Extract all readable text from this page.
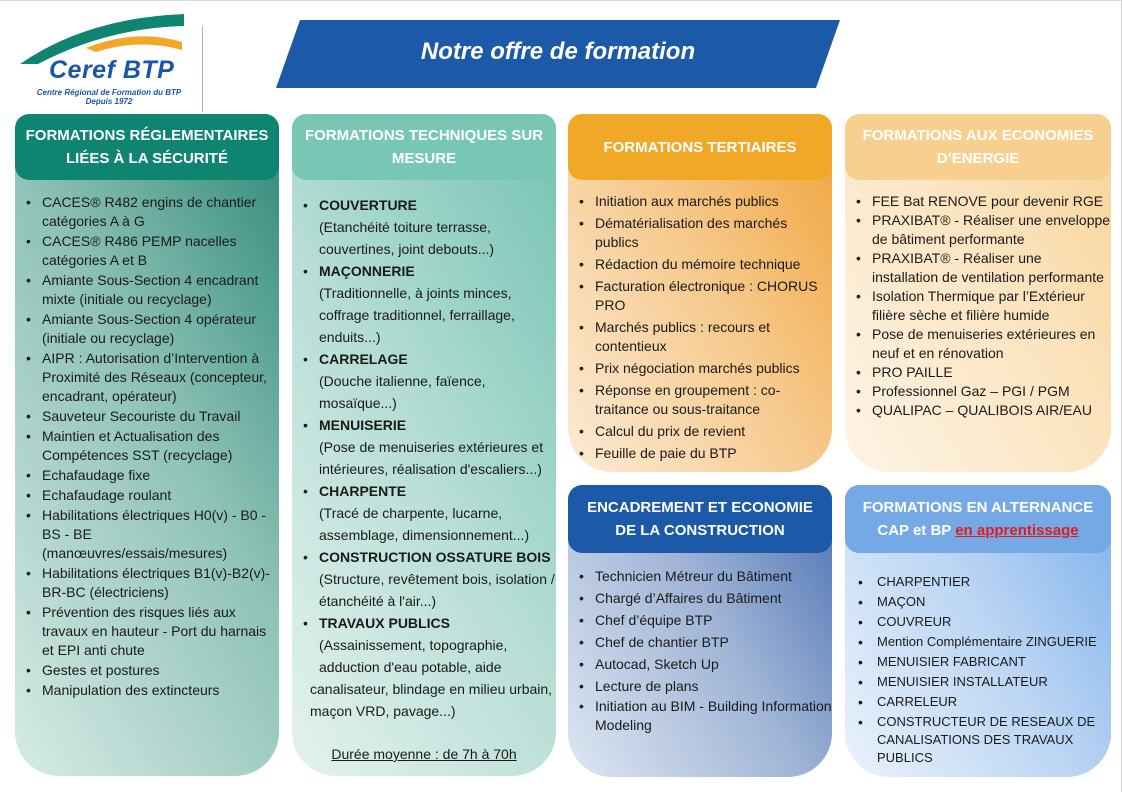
Ceref BTP
Centre Régional de Formation du BTP
Depuis 1972
Notre offre de formation
FORMATIONS RÉGLEMENTAIRES
LIÉES À LA SÉCURITÉ
• CACES® R482 engins de chantier catégories A à G
• CACES® R486 PEMP nacelles catégories A et B
• Amiante Sous-Section 4 encadrant mixte (initiale ou recyclage)
• Amiante Sous-Section 4 opérateur (initiale ou recyclage)
• AIPR : Autorisation d’Intervention à Proximité des Réseaux (concepteur, encadrant, opérateur)
• Sauveteur Secouriste du Travail
• Maintien et Actualisation des Compétences SST (recyclage)
• Echafaudage fixe
• Echafaudage roulant
• Habilitations électriques H0(v) - B0 - BS - BE (manœuvres/essais/mesures)
• Habilitations électriques B1(v)-B2(v)-BR-BC (électriciens)
• Prévention des risques liés aux travaux en hauteur - Port du harnais et EPI anti chute
• Gestes et postures
• Manipulation des extincteurs
FORMATIONS TECHNIQUES SUR
MESURE
• COUVERTURE
(Etanchéité toiture terrasse, couvertines, joint debouts...)
• MAÇONNERIE
(Traditionnelle, à joints minces, coffrage traditionnel, ferraillage, enduits...)
• CARRELAGE
(Douche italienne, faïence, mosaïque...)
• MENUISERIE
(Pose de menuiseries extérieures et intérieures, réalisation d'escaliers...)
• CHARPENTE
(Tracé de charpente, lucarne, assemblage, dimensionnement...)
• CONSTRUCTION OSSATURE BOIS
(Structure, revêtement bois, isolation / étanchéité à l'air...)
• TRAVAUX PUBLICS
(Assainissement, topographie, adduction d'eau potable, aide
canalisateur, blindage en milieu urbain, maçon VRD, pavage...)
Durée moyenne : de 7h à 70h
FORMATIONS TERTIAIRES
• Initiation aux marchés publics
• Dématérialisation des marchés publics
• Rédaction du mémoire technique
• Facturation électronique : CHORUS PRO
• Marchés publics : recours et contentieux
• Prix négociation marchés publics
• Réponse en groupement : co-traitance ou sous-traitance
• Calcul du prix de revient
• Feuille de paie du BTP
FORMATIONS AUX ECONOMIES
D’ENERGIE
• FEE Bat RENOVE pour devenir RGE
• PRAXIBAT® - Réaliser une enveloppe de bâtiment performante
• PRAXIBAT® - Réaliser une installation de ventilation performante
• Isolation Thermique par l’Extérieur filière sèche et filière humide
• Pose de menuiseries extérieures en neuf et en rénovation
• PRO PAILLE
• Professionnel Gaz – PGI / PGM
• QUALIPAC – QUALIBOIS AIR/EAU
ENCADREMENT ET ECONOMIE
DE LA CONSTRUCTION
• Technicien Métreur du Bâtiment
• Chargé d’Affaires du Bâtiment
• Chef d’équipe BTP
• Chef de chantier BTP
• Autocad, Sketch Up
• Lecture de plans
• Initiation au BIM - Building Information Modeling
FORMATIONS EN ALTERNANCE
CAP et BP en apprentissage
• CHARPENTIER
• MAÇON
• COUVREUR
• Mention Complémentaire ZINGUERIE
• MENUISIER FABRICANT
• MENUISIER INSTALLATEUR
• CARRELEUR
• CONSTRUCTEUR DE RESEAUX DE CANALISATIONS DES TRAVAUX PUBLICS
